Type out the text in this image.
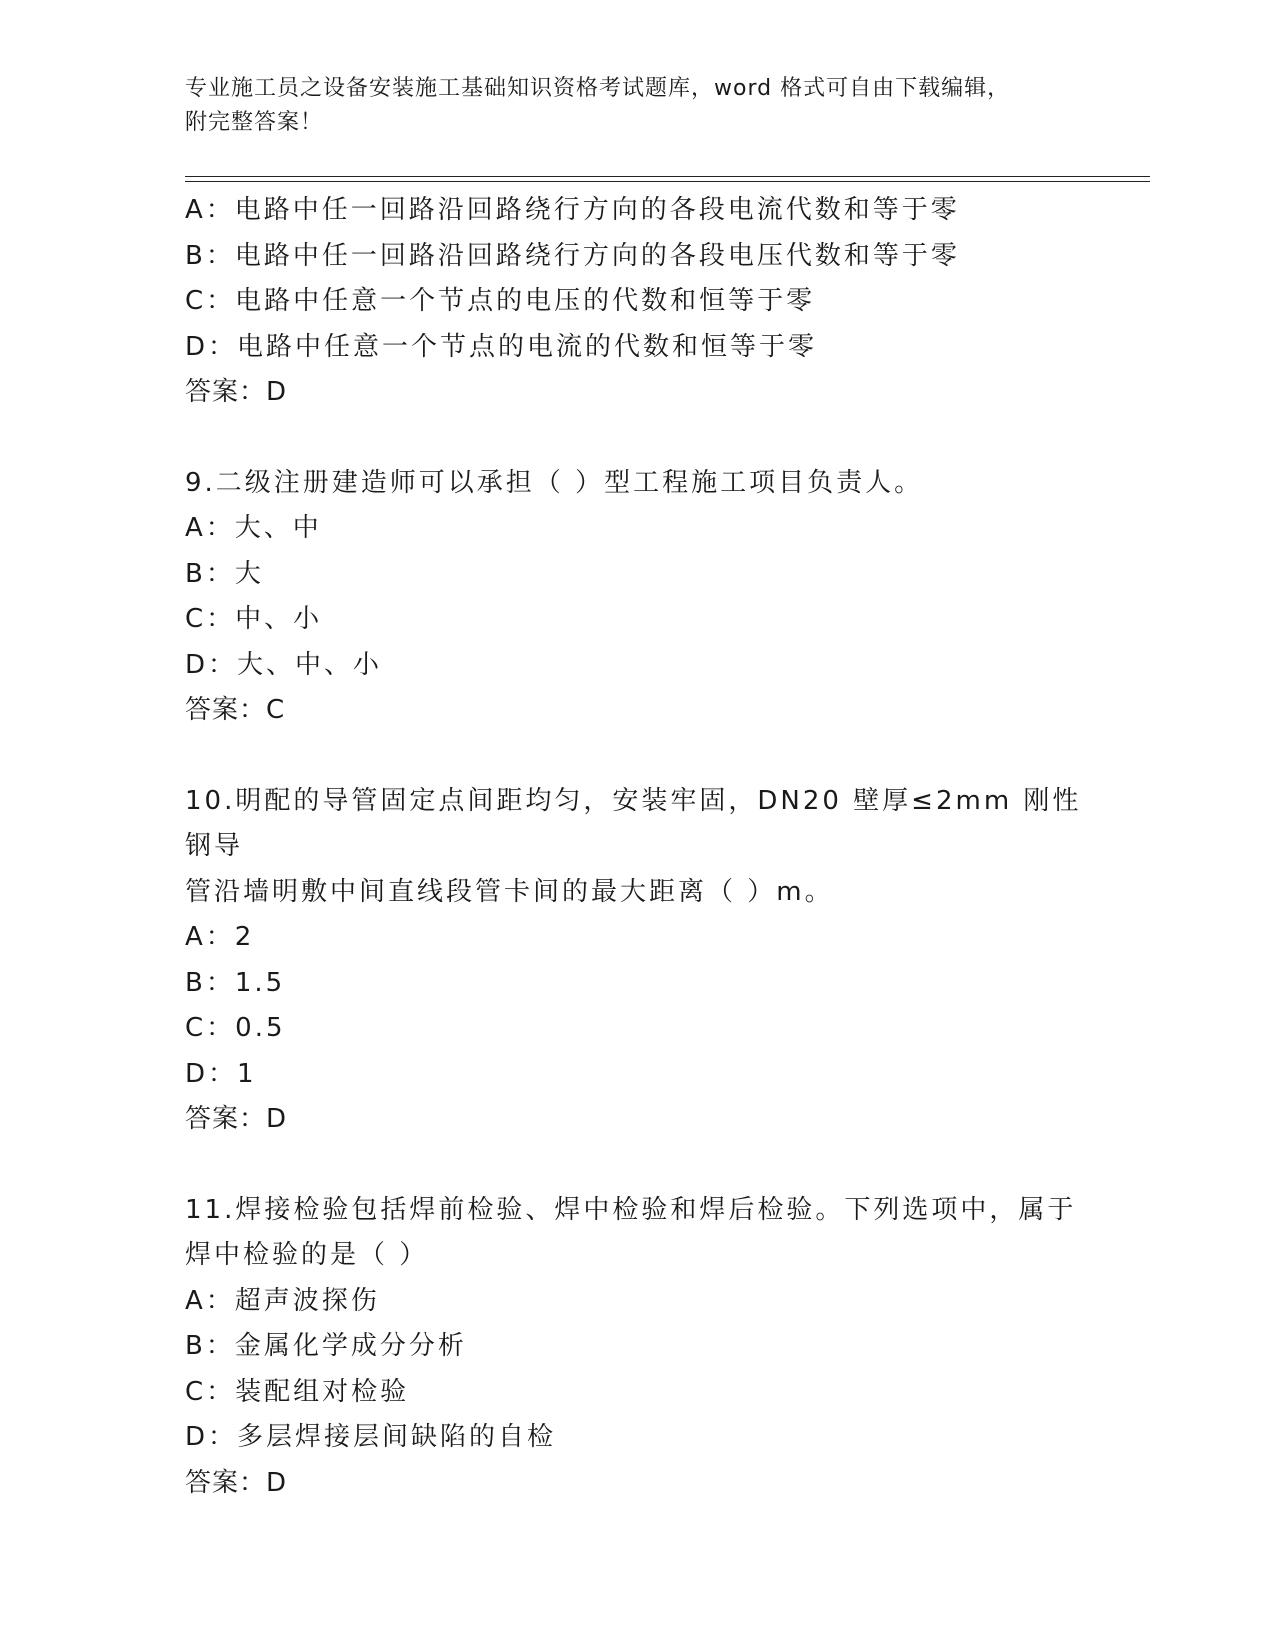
专业施工员之设备安装施工基础知识资格考试题库，word 格式可自由下载编辑，
附完整答案！
A：电路中任一回路沿回路绕行方向的各段电流代数和等于零
B：电路中任一回路沿回路绕行方向的各段电压代数和等于零
C：电路中任意一个节点的电压的代数和恒等于零
D：电路中任意一个节点的电流的代数和恒等于零
答案：D
9.二级注册建造师可以承担（ ）型工程施工项目负责人。
A：大、中
B：大
C：中、小
D：大、中、小
答案：C
10.明配的导管固定点间距均匀，安装牢固，DN20 壁厚≤2mm 刚性钢导
管沿墙明敷中间直线段管卡间的最大距离（ ）m。
A：2
B：1.5
C：0.5
D：1
答案：D
11.焊接检验包括焊前检验、焊中检验和焊后检验。下列选项中，属于
焊中检验的是（ ）
A：超声波探伤
B：金属化学成分分析
C：装配组对检验
D：多层焊接层间缺陷的自检
答案：D
